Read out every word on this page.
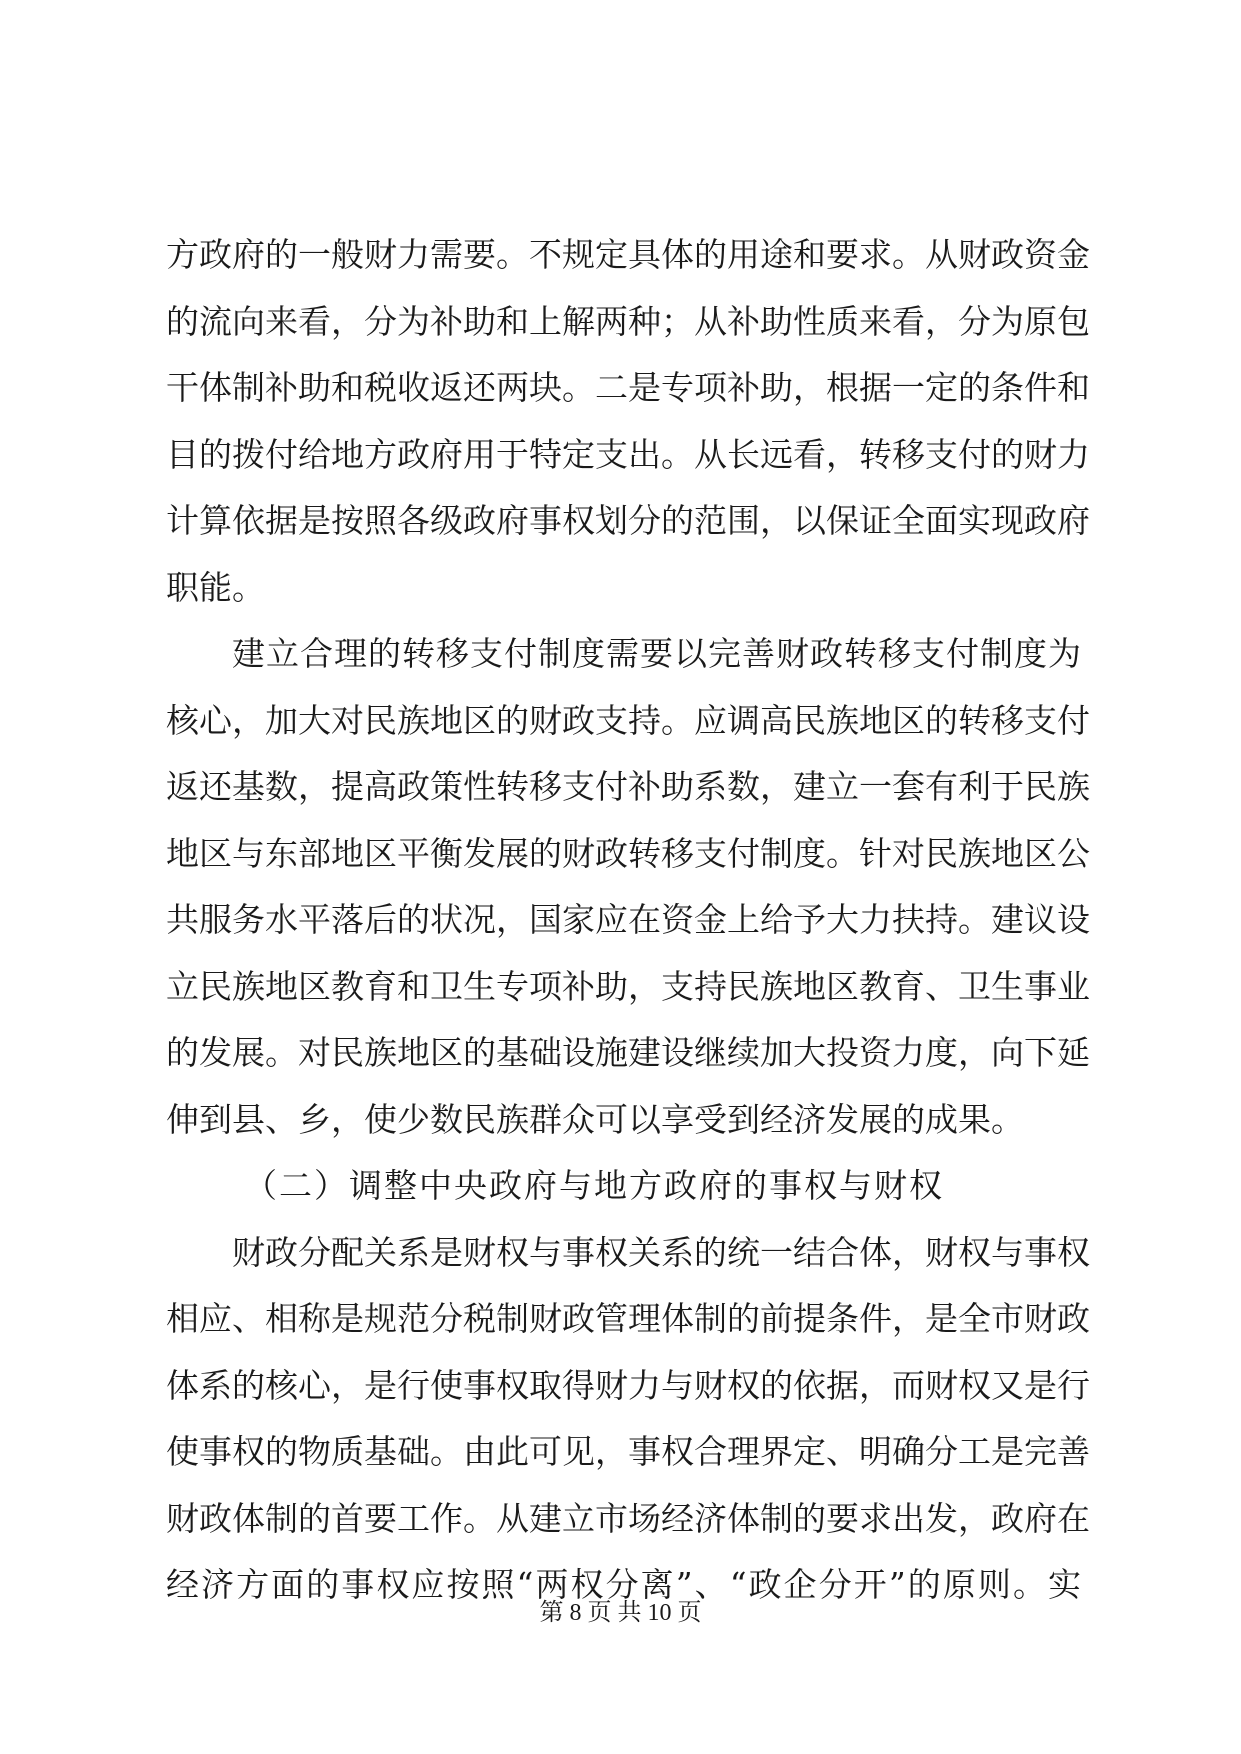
方政府的一般财力需要。不规定具体的用途和要求。从财政资金
的流向来看，分为补助和上解两种；从补助性质来看，分为原包
干体制补助和税收返还两块。二是专项补助，根据一定的条件和
目的拨付给地方政府用于特定支出。从长远看，转移支付的财力
计算依据是按照各级政府事权划分的范围，以保证全面实现政府
职能。
建立合理的转移支付制度需要以完善财政转移支付制度为
核心，加大对民族地区的财政支持。应调高民族地区的转移支付
返还基数，提高政策性转移支付补助系数，建立一套有利于民族
地区与东部地区平衡发展的财政转移支付制度。针对民族地区公
共服务水平落后的状况，国家应在资金上给予大力扶持。建议设
立民族地区教育和卫生专项补助，支持民族地区教育、卫生事业
的发展。对民族地区的基础设施建设继续加大投资力度，向下延
伸到县、乡，使少数民族群众可以享受到经济发展的成果。
（二）调整中央政府与地方政府的事权与财权
财政分配关系是财权与事权关系的统一结合体，财权与事权
相应、相称是规范分税制财政管理体制的前提条件，是全市财政
体系的核心，是行使事权取得财力与财权的依据，而财权又是行
使事权的物质基础。由此可见，事权合理界定、明确分工是完善
财政体制的首要工作。从建立市场经济体制的要求出发，政府在
经济方面的事权应按照“两权分离”、“政企分开”的原则。实
第 8 页 共 10 页
